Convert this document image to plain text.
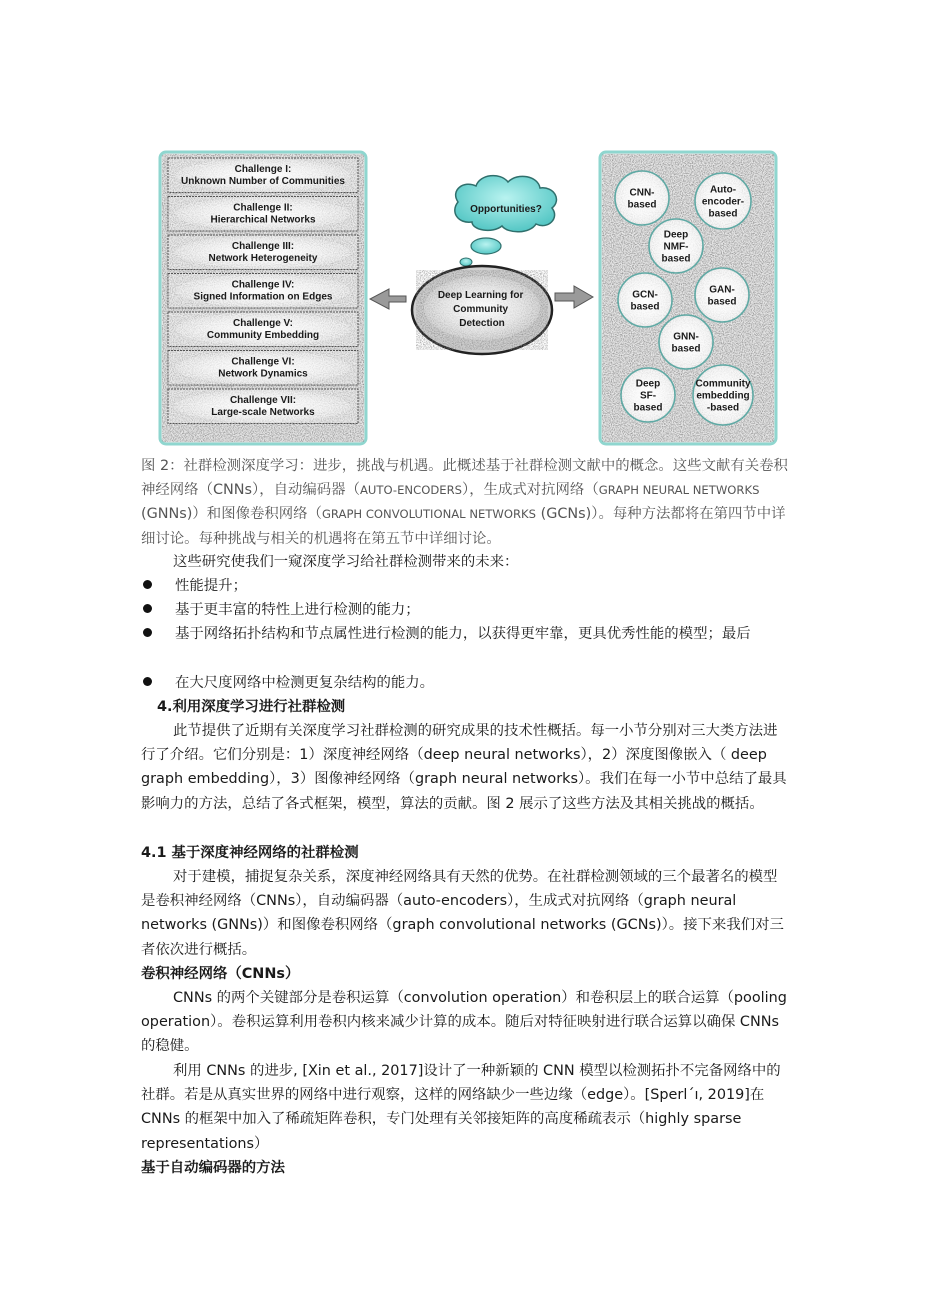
Challenge I:
Unknown Number of Communities
Challenge II:
Hierarchical Networks
Challenge III:
Network Heterogeneity
Challenge IV:
Signed Information on Edges
Challenge V:
Community Embedding
Challenge VI:
Network Dynamics
Challenge VII:
Large-scale Networks
Opportunities?
Deep Learning for Community Detection
CNN-
based
Auto-
encoder-
based
Deep
NMF-
based
GCN-
based
GAN-
based
GNN-
based
Deep
SF-
based
Community
embedding
-based
图 2：社群检测深度学习：进步，挑战与机遇。此概述基于社群检测文献中的概念。这些文献有关卷积神经网络（CNNs），自动编码器（AUTO-ENCODERS），生成式对抗网络（GRAPH NEURAL NETWORKS (GNNs)）和图像卷积网络（GRAPH CONVOLUTIONAL NETWORKS (GCNs)）。每种方法都将在第四节中详细讨论。每种挑战与相关的机遇将在第五节中详细讨论。
这些研究使我们一窥深度学习给社群检测带来的未来：
性能提升；
基于更丰富的特性上进行检测的能力；
基于网络拓扑结构和节点属性进行检测的能力，以获得更牢靠，更具优秀性能的模型；最后
在大尺度网络中检测更复杂结构的能力。
4.利用深度学习进行社群检测
此节提供了近期有关深度学习社群检测的研究成果的技术性概括。每一小节分别对三大类方法进行了介绍。它们分别是：1）深度神经网络（deep neural networks），2）深度图像嵌入（ deep graph embedding），3）图像神经网络（graph neural networks）。我们在每一小节中总结了最具影响力的方法，总结了各式框架，模型，算法的贡献。图 2 展示了这些方法及其相关挑战的概括。
4.1 基于深度神经网络的社群检测
对于建模，捕捉复杂关系，深度神经网络具有天然的优势。在社群检测领域的三个最著名的模型是卷积神经网络（CNNs），自动编码器（auto-encoders），生成式对抗网络（graph neural networks (GNNs)）和图像卷积网络（graph convolutional networks (GCNs)）。接下来我们对三者依次进行概括。
卷积神经网络（CNNs）
CNNs 的两个关键部分是卷积运算（convolution operation）和卷积层上的联合运算（pooling operation）。卷积运算利用卷积内核来减少计算的成本。随后对特征映射进行联合运算以确保 CNNs 的稳健。
利用 CNNs 的进步, [Xin et al., 2017]设计了一种新颖的 CNN 模型以检测拓扑不完备网络中的社群。若是从真实世界的网络中进行观察，这样的网络缺少一些边缘（edge）。[Sperl´ı, 2019]在 CNNs 的框架中加入了稀疏矩阵卷积，专门处理有关邻接矩阵的高度稀疏表示（highly sparse representations）
基于自动编码器的方法
